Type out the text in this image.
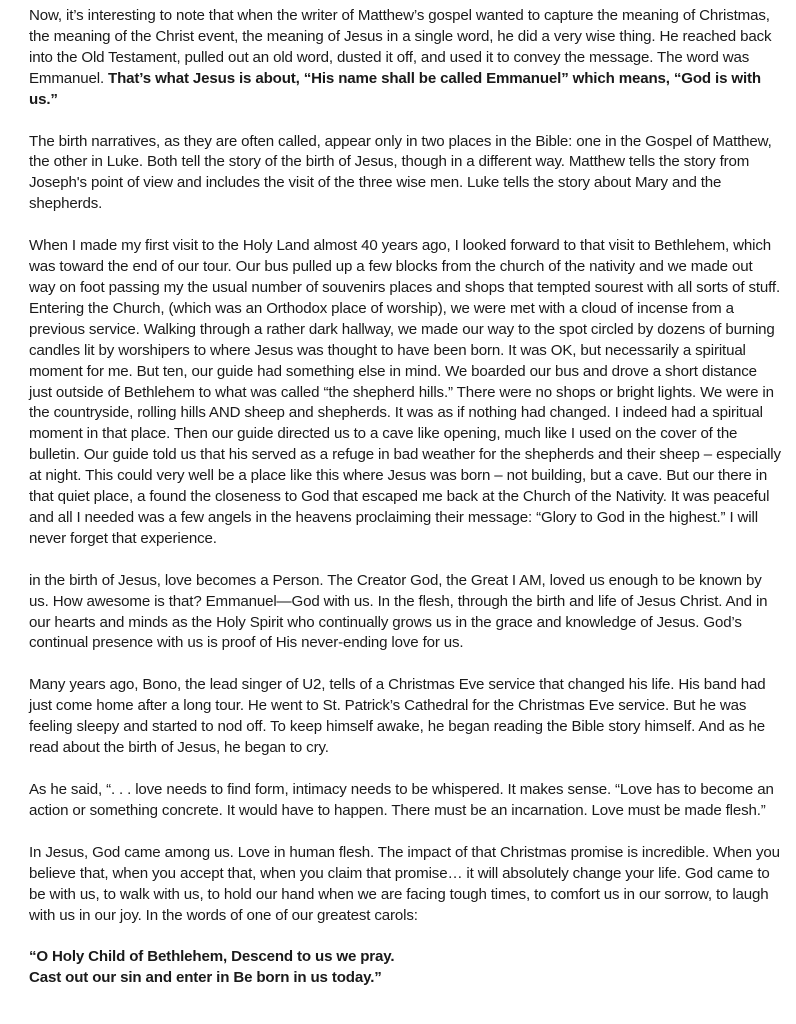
Now, it’s interesting to note that when the writer of Matthew’s gospel wanted to capture the meaning of Christmas, the meaning of the Christ event, the meaning of Jesus in a single word, he did a very wise thing. He reached back into the Old Testament, pulled out an old word, dusted it off, and used it to convey the message. The word was Emmanuel. That’s what Jesus is about, “His name shall be called Emmanuel” which means, “God is with us.”

The birth narratives, as they are often called, appear only in two places in the Bible: one in the Gospel of Matthew, the other in Luke. Both tell the story of the birth of Jesus, though in a different way. Matthew tells the story from Joseph's point of view and includes the visit of the three wise men. Luke tells the story about Mary and the shepherds.

When I made my first visit to the Holy Land almost 40 years ago, I looked forward to that visit to Bethlehem, which was toward the end of our tour. Our bus pulled up a few blocks from the church of the nativity and we made out way on foot passing my the usual number of souvenirs places and shops that tempted sourest with all sorts of stuff. Entering the Church, (which was an Orthodox place of worship), we were met with a cloud of incense from a previous service. Walking through a rather dark hallway, we made our way to the spot circled by dozens of burning candles lit by worshipers to where Jesus was thought to have been born. It was OK, but necessarily a spiritual moment for me. But ten, our guide had something else in mind. We boarded our bus and drove a short distance just outside of Bethlehem to what was called “the shepherd hills.” There were no shops or bright lights. We were in the countryside, rolling hills AND sheep and shepherds. It was as if nothing had changed. I indeed had a spiritual moment in that place. Then our guide directed us to a cave like opening, much like I used on the cover of the bulletin. Our guide told us that his served as a refuge in bad weather for the shepherds and their sheep – especially at night. This could very well be a place like this where Jesus was born – not building, but a cave. But our there in that quiet place, a found the closeness to God that escaped me back at the Church of the Nativity. It was peaceful and all I needed was a few angels in the heavens proclaiming their message: “Glory to God in the highest.” I will never forget that experience.

in the birth of Jesus, love becomes a Person. The Creator God, the Great I AM, loved us enough to be known by us. How awesome is that? Emmanuel—God with us. In the flesh, through the birth and life of Jesus Christ. And in our hearts and minds as the Holy Spirit who continually grows us in the grace and knowledge of Jesus. God’s continual presence with us is proof of His never-ending love for us.

Many years ago, Bono, the lead singer of U2, tells of a Christmas Eve service that changed his life. His band had just come home after a long tour. He went to St. Patrick’s Cathedral for the Christmas Eve service. But he was feeling sleepy and started to nod off. To keep himself awake, he began reading the Bible story himself. And as he read about the birth of Jesus, he began to cry.

As he said, “. . . love needs to find form, intimacy needs to be whispered. It makes sense. “Love has to become an action or something concrete. It would have to happen. There must be an incarnation. Love must be made flesh.”

In Jesus, God came among us. Love in human flesh. The impact of that Christmas promise is incredible. When you believe that, when you accept that, when you claim that promise… it will absolutely change your life. God came to be with us, to walk with us, to hold our hand when we are facing tough times, to comfort us in our sorrow, to laugh with us in our joy. In the words of one of our greatest carols:

“O Holy Child of Bethlehem, Descend to us we pray.
Cast out our sin and enter in Be born in us today.”
